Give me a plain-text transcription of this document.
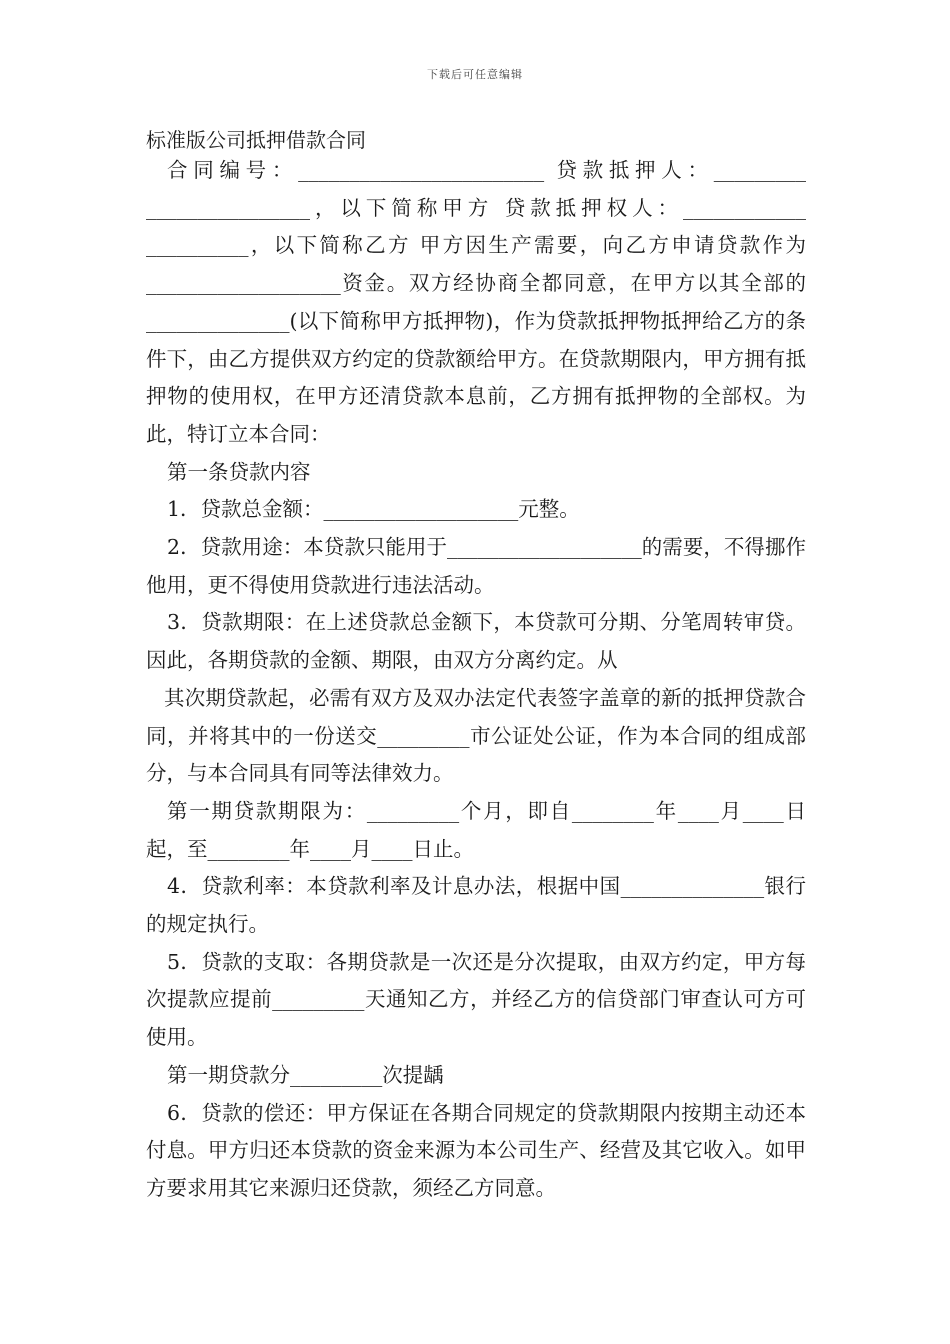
下载后可任意编辑
标准版公司抵押借款合同

合同编号：________________________ 贷款抵押人：_________ ________________，以下简称甲方 贷款抵押权人：____________ __________，以下简称乙方 甲方因生产需要，向乙方申请贷款作为___________________资金。双方经协商全都同意，在甲方以其全部的______________(以下简称甲方抵押物)，作为贷款抵押物抵押给乙方的条件下，由乙方提供双方约定的贷款额给甲方。在贷款期限内，甲方拥有抵押物的使用权，在甲方还清贷款本息前，乙方拥有抵押物的全部权。为此，特订立本合同：

第一条贷款内容

1．贷款总金额：___________________元整。

2．贷款用途：本贷款只能用于___________________的需要，不得挪作他用，更不得使用贷款进行违法活动。

3．贷款期限：在上述贷款总金额下，本贷款可分期、分笔周转审贷。因此，各期贷款的金额、期限，由双方分离约定。从

其次期贷款起，必需有双方及双办法定代表签字盖章的新的抵押贷款合同，并将其中的一份送交_________市公证处公证，作为本合同的组成部分，与本合同具有同等法律效力。

第一期贷款期限为：_________个月，即自________年____月____日起，至________年____月____日止。

4．贷款利率：本贷款利率及计息办法，根据中国______________银行的规定执行。

5．贷款的支取：各期贷款是一次还是分次提取，由双方约定，甲方每次提款应提前_________天通知乙方，并经乙方的信贷部门审查认可方可使用。

第一期贷款分_________次提龋

6．贷款的偿还：甲方保证在各期合同规定的贷款期限内按期主动还本付息。甲方归还本贷款的资金来源为本公司生产、经营及其它收入。如甲方要求用其它来源归还贷款，须经乙方同意。
